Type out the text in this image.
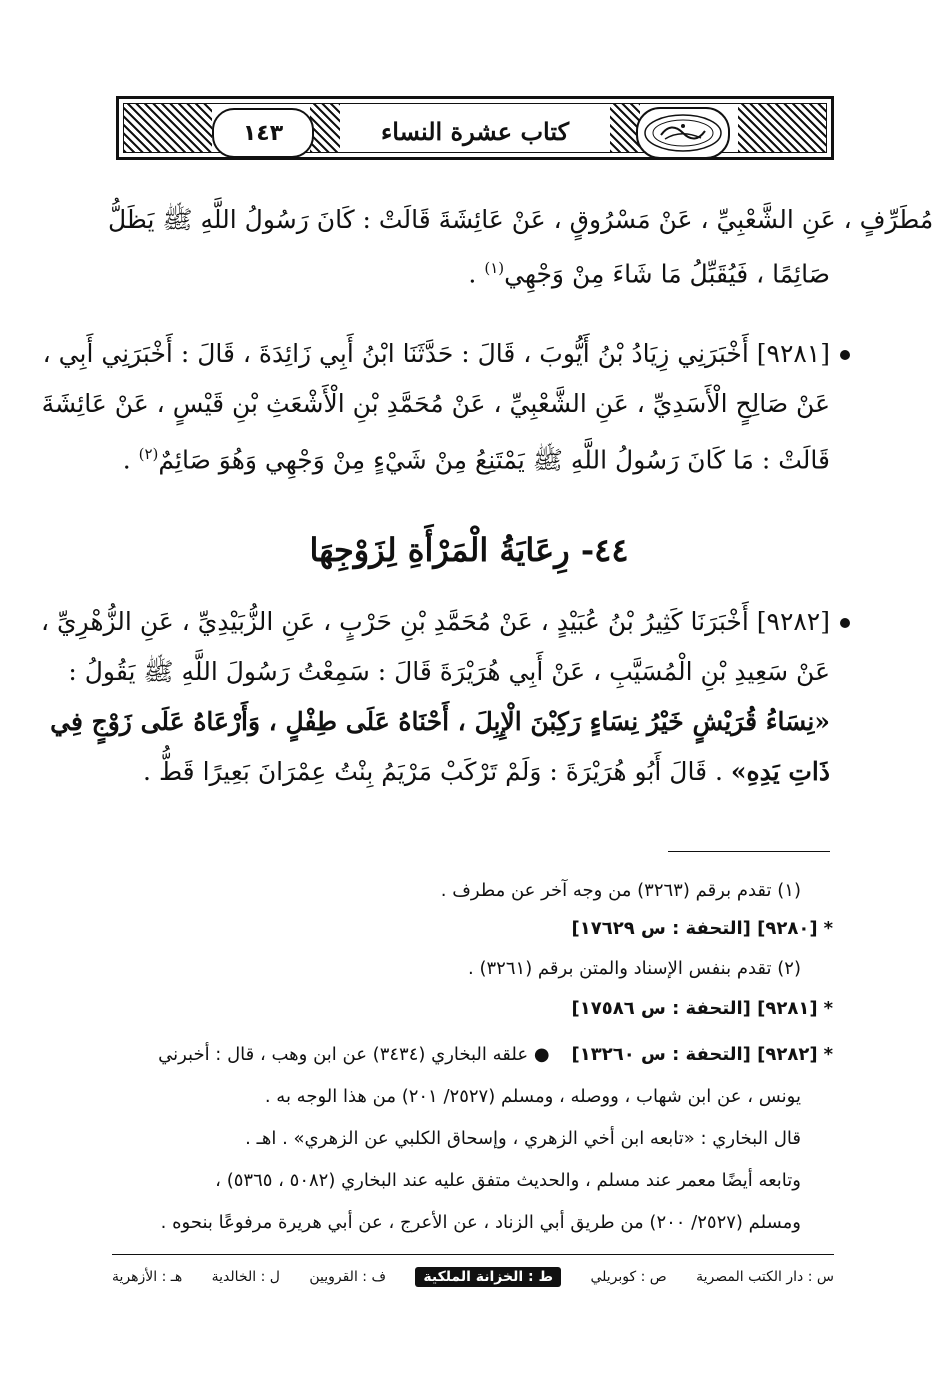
١٤٣	كتاب عشرة النساء
مُطَرِّفٍ ، عَنِ الشَّعْبِيِّ ، عَنْ مَسْرُوقٍ ، عَنْ عَائِشَةَ قَالَتْ : كَانَ رَسُولُ اللَّهِ ﷺ يَظَلُّ
صَائِمًا ، فَيُقَبِّلُ مَا شَاءَ مِنْ وَجْهِي$^{(١)}$ .
[٩٢٨١] أَخْبَرَنِي زِيَادُ بْنُ أَيُّوبَ ، قَالَ : حَدَّثَنَا ابْنُ أَبِي زَائِدَةَ ، قَالَ : أَخْبَرَنِي أَبِي ،
عَنْ صَالِحٍ الْأَسَدِيِّ ، عَنِ الشَّعْبِيِّ ، عَنْ مُحَمَّدِ بْنِ الْأَشْعَثِ بْنِ قَيْسٍ ، عَنْ عَائِشَةَ
قَالَتْ : مَا كَانَ رَسُولُ اللَّهِ ﷺ يَمْتَنِعُ مِنْ شَيْءٍ مِنْ وَجْهِي وَهُوَ صَائِمٌ$^{(٢)}$ .
٤٤- رِعَايَةُ الْمَرْأَةِ لِزَوْجِهَا
[٩٢٨٢] أَخْبَرَنَا كَثِيرُ بْنُ عُبَيْدٍ ، عَنْ مُحَمَّدِ بْنِ حَرْبٍ ، عَنِ الزُّبَيْدِيِّ ، عَنِ الزُّهْرِيِّ ،
عَنْ سَعِيدِ بْنِ الْمُسَيَّبِ ، عَنْ أَبِي هُرَيْرَةَ قَالَ : سَمِعْتُ رَسُولَ اللَّهِ ﷺ يَقُولُ :
«نِسَاءُ قُرَيْشٍ خَيْرُ نِسَاءٍ رَكِبْنَ الْإِبِلَ ، أَحْنَاهُ عَلَى طِفْلٍ ، وَأَرْعَاهُ عَلَى زَوْجٍ فِي
ذَاتِ يَدِهِ» . قَالَ أَبُو هُرَيْرَةَ : وَلَمْ تَرْكَبْ مَرْيَمُ بِنْتُ عِمْرَانَ بَعِيرًا قَطُّ .
(١) تقدم برقم (٣٢٦٣) من وجه آخر عن مطرف .
*[٩٢٨٠] [التحفة : س ١٧٦٢٩]
(٢) تقدم بنفس الإسناد والمتن برقم (٣٢٦١) .
*[٩٢٨١] [التحفة : س ١٧٥٨٦]
*[٩٢٨٢] [التحفة : س ١٣٢٦٠]● علقه البخاري (٣٤٣٤) عن ابن وهب ، قال : أخبرني
يونس ، عن ابن شهاب ، ووصله ، ومسلم (٢٥٢٧/ ٢٠١) من هذا الوجه به .
قال البخاري : «تابعه ابن أخي الزهري ، وإسحاق الكلبي عن الزهري» . اهـ .
وتابعه أيضًا معمر عند مسلم ، والحديث متفق عليه عند البخاري (٥٠٨٢ ، ٥٣٦٥) ،
ومسلم (٢٥٢٧/ ٢٠٠) من طريق أبي الزناد ، عن الأعرج ، عن أبي هريرة مرفوعًا بنحوه .
س : دار الكتب المصرية
ص : كوبريلي
ط : الخزانة الملكية
ف : القرويين
ل : الخالدية
هـ : الأزهرية
